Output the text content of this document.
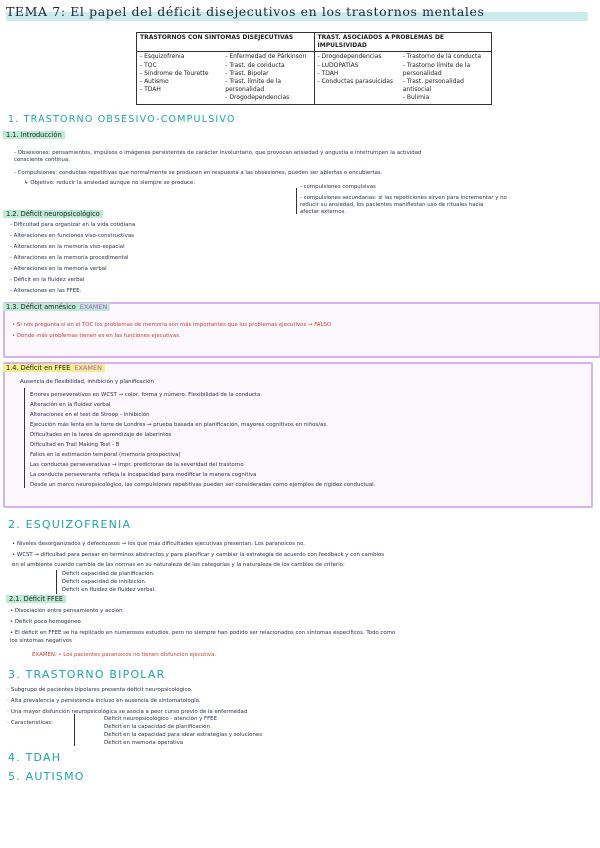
TEMA 7: El papel del déficit disejecutivos en los trastornos mentales
TRASTORNOS CON SINTOMAS DISEJECUTIVAS	TRAST. ASOCIADOS A PROBLEMAS DE IMPULSIVIDAD
- Esquizofrenia
- TOC
- Síndrome de Tourette
- Autismo
- TDAH
- Enfermedad de Párkinson
- Trast. de conducta
- Trast. Bipolar
- Trast. límite de la personalidad
- Drogodependencias
- Drogodependencias
- LUDOPATÍAS
- TDAH
- Conductas parasuicidas
- Trastorno de la conducta
- Trastorno límite de la personalidad
- Trast. personalidad antisocial
- Bulimia
1. TRASTORNO OBSESIVO-COMPULSIVO
1.1. Introducción
- Obsesiones: pensamientos, impulsos o imágenes persistentes de carácter involuntario, que provocan ansiedad y angustia e interrumpen la actividad
consciente continua.
- Compulsiones: conductas repetitivas que normalmente se producen en respuesta a las obsesiones, pueden ser abiertas o encubiertas.
↳ Objetivo: reducir la ansiedad aunque no siempre se produce.
- compulsiones compulsivas
- compulsiones secundarias: si las repeticiones sirven para incrementar y no
reducir su ansiedad, los pacientes manifiestan uso de rituales hacia
afectar externos.
1.2. Déficit neuropsicológico
- Dificultad para organizar en la vida cotidiana
- Alteraciones en funciones viso-constructivas
- Alteraciones en la memoria viso-espacial
- Alteraciones en la memoria procedimental
- Alteraciones en la memoria verbal
- Déficit en la fluidez verbal
- Alteraciones en las FFEE.
1.3. Déficit amnésico EXAMEN
• Si nos pregunta si en el TOC los problemas de memoria son más importantes que los problemas ejecutivos → FALSO
• Donde más problemas tienen es en las funciones ejecutivas.
1.4. Déficit en FFEE EXAMEN
Ausencia de flexibilidad, inhibición y planificación
Errores perseverativos en WCST → color, forma y número. Flexibilidad de la conducta.
Alteración en la fluidez verbal
Alteraciones en el test de Stroop - inhibición
Ejecución más lenta en la torre de Londres → prueba basada en planificación, mayores cognitivos en niños/as.
Dificultades en la tarea de aprendizaje de laberintos
Dificultad en Trail Making Test - B
Fallos en la estimación temporal (memoria prospectiva)
Las conductas perseverativas → impr. predictoras de la severidad del trastorno
La conducta perseverante refleja la incapacidad para modificar la manera cognitiva
Desde un marco neuropsicológico, las compulsiones repetitivas pueden ser consideradas como ejemplos de rigidez conductual.
2. ESQUIZOFRENIA
• Niveles desorganizados y defectuosos → los que más dificultades ejecutivas presentan. Los paranoicos no.
• WCST → dificultad para pensar en términos abstractos y para planificar y cambiar la estrategia de acuerdo con feedback y con cambios
en el ambiente cuando cambia de las normas en su naturaleza de las categorías y la naturaleza de los cambios de criterio:
Déficit capacidad de planificación.
Déficit capacidad de inhibición.
Déficit en fluidez de fluidez verbal.
2.1. Déficit FFEE
• Disociación entre pensamiento y acción
• Déficit poco homogéneo
• El déficit en FFEE se ha replicado en numerosos estudios, pero no siempre han podido ser relacionados con síntomas específicos. Todo como
los síntomas negativos
EXAMEN: • Los pacientes paranoicos no tienen disfunción ejecutiva.
3. TRASTORNO BIPOLAR
◦ Subgrupo de pacientes bipolares presenta déficit neuropsicológico.
◦ Alta prevalencia y persistencia incluso en ausencia de sintomatología.
◦ Una mayor disfunción neuropsicológica se asocia a peor curso previo de la enfermedad
◦ Características:
Déficit neuropsicológico - atención y FFEE
Déficit en la capacidad de planificación
Déficit en la capacidad para idear estrategias y soluciones
Déficit en memoria operativa
4. TDAH
5. AUTISMO
